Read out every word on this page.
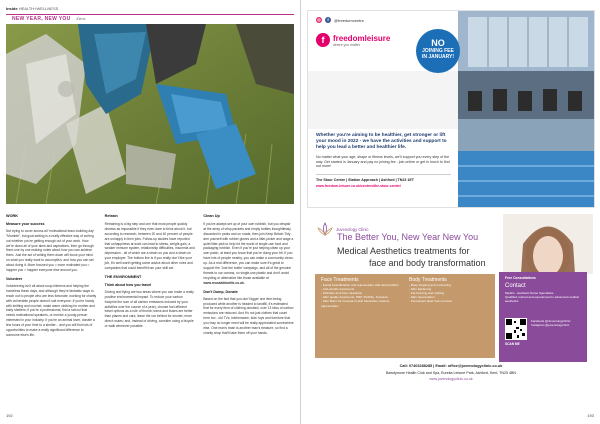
Inside HEALTH+WELLNESS
NEW YEAR, NEW YOU Zero
WORK
Measure your success

Not trying to cover across all 'motivational team-building day' "Mumble", but goal-setting is a really effective way of sorting out whether you're getting enough out of your work. How we're down all of your aims and aspirations, then go through them one by one making notes about how you can achieve them. Just the act of writing them down will focus your mind on what you really want to accomplish, and how you can set about doing it. More focused you = more motivated you = happier you = happier everyone else around you.

Volunteer

Volunteering isn't all about soup kitchens and helping the homeless these days, and although they're fantastic ways to reach out to people who are less fortunate, working for charity with vulnerable people doesn't suit everyone. If you're handy with knitting and crochet, make warm clothing for mother and baby shelters; if you're a professional, find a school that needs motivational speakers, or mentor a young person interested in your industry. If you're an animal lover, donate a few hours of your time to a shelter... and you will find lots of opportunities to make a really significant difference to someone else's life.

Retrain

Retraining is a big step and one that most people quickly dismiss as impossible if they even dare to think about it, but according to research, between 20 and 40 percent of people are unhappy in their jobs. Follow-up studies have reported that unhappiness at work can lead to stress, weight gain, a weaker immune system, relationship difficulties, insomnia and depression - all of which are a strain on you and a strain on your employer. The bottom line is if you really don't like your job, it's well worth getting some advice about other roles and companies that could benefit from your skill set.

THE ENVIRONMENT
Think about how you travel

Driving and flying are two areas where you can make a really positive environmental impact. To reduce your carbon footprint the sum of all carbon emissions induced by your activities over the course of a year), choose fuel-efficient travel options as a rule of thumb; trains and buses are better than planes and cars; leave the car behind for shorter, more direct routes; and, instead of driving, consider using a bicycle or walk wherever possible.

Clean Up

If you've always set up of your own rubbish, but you despair at the array of crisp packets and empty bottles thoughtlessly discarded in parks and on roads, then join Keep Britain Tidy - arm yourself with rubber gloves and a litter-picker and wage a quiet litter-pick to help rid the world of single-use food and packaging rubbish. Even if you're just helping clean up your own patch, at least you know that you're doing your bit. If you have lots of people nearby, you can make a community clean-up. As a real difference, you can make sure it's great to support the 'Just the bottle' campaign, and all of the genuine threats to our oceans, so single-use plastic and don't avoid recycling or alternative like those available at www.reusablebottle.co.uk.

Don't Dump, Donate

Based on the fact that you don't tigger one item being produced while another is headed to landfill, it's estimated that for every item of clothing donated, over 13 kilos of carbon emissions are reduced. And it's not just clothes that count here too - old TVs, kitchenware, kids' toys and furniture that you may no longer need will be really appreciated somewhere else. One man's trash is another man's treasure, so find a charity shop that'll take them off your hands.

192
◎	f	@freedomcentre
f	freedomleisure
where you matter	NO
JOINING FEE
IN JANUARY!
Whether you're aiming to be healthier, get stronger or lift your mood in 2022 - we have the activities and support to help you lead a better and healthier life.
No matter what your age, shape or fitness levels, we'll support you every step of the way. Get started in January and pay no joining fee - join online or get in touch to find out more!
The Stour Centre | Station Approach | Ashford | TN23 1ET
www.freedom-leisure.co.uk/centres/the-stour-centre/
Juvenology Clinic
The Better You, New Year New You
Medical Aesthetics treatments for
face and body transformation
Face Treatments
- Facial beautification and rejuvenation with dermal fillers
- Anti-wrinkle treatments
- Wrinkles and lines relaxation
- Skin quality treatments, PRP, Profhilo, Sunekos
- Skin fillers for removal of skin blemishes, lesions, pigmentation
Body Treatments
- Body shaping and contouring
- Skin tightening
- Fat freezing and melting
- Skin rejuvenation
- Permanent laser hair removal
Free Consultations
Contact
Medics - Aesthetic Nurse Specialists
Qualified, trained and experienced in advanced medical aesthetics
SCAN ME
Facebook @JuvenologyClinic
Instagram @juvenologyclinic
Call: 07403288285 | Email: office@juvenologyclinic.co.uk
Bawdymore Health Club and Spa, Eureka Leisure Park, Ashford, Kent, TN25 4BN
www.juvenologyclinic.co.uk
193
